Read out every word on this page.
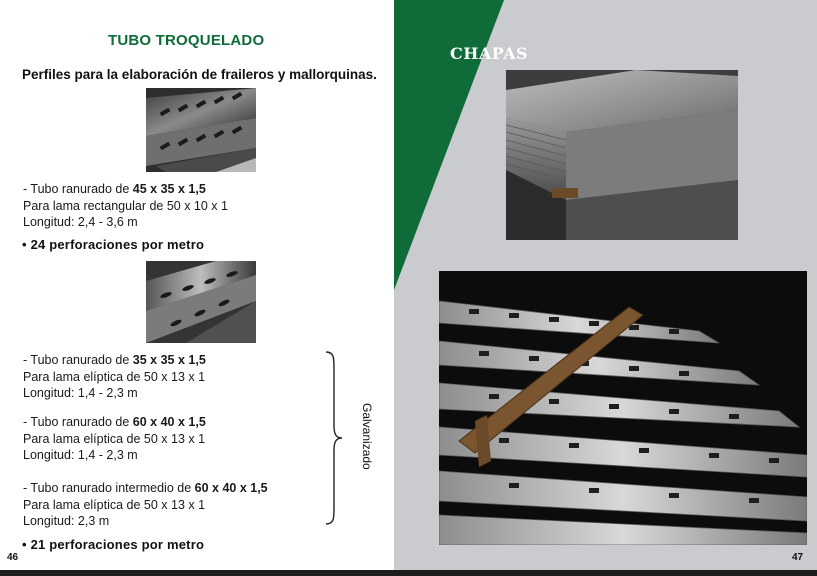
TUBO TROQUELADO
Perfiles para la elaboración de fraileros y mallorquinas.
- Tubo ranurado de 45 x 35 x 1,5
Para lama rectangular de 50 x 10 x 1
Longitud: 2,4 - 3,6 m
• 24 perforaciones por metro
- Tubo ranurado de 35 x 35 x 1,5
Para lama elíptica de 50 x 13 x 1
Longitud: 1,4 - 2,3 m
- Tubo ranurado de 60 x 40 x 1,5
Para lama elíptica de 50 x 13 x 1
Longitud: 1,4 - 2,3 m
- Tubo ranurado intermedio de 60 x 40 x 1,5
Para lama elíptica de 50 x 13 x 1
Longitud: 2,3 m
• 21 perforaciones por metro
Galvanizado
46
CHAPAS
47
